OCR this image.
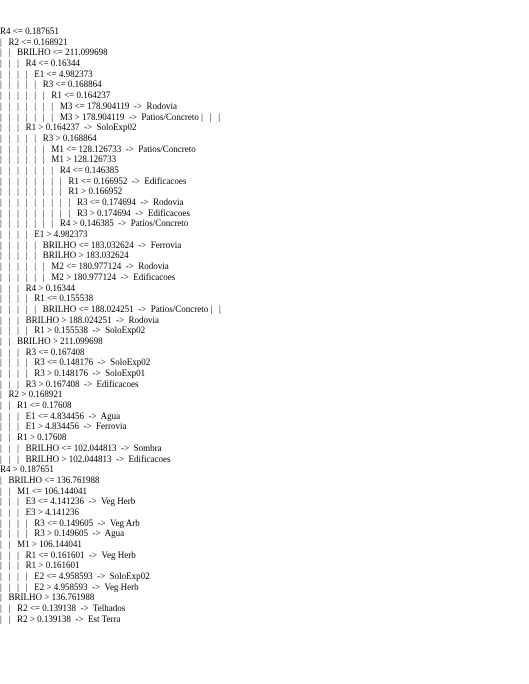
R4 <= 0.187651
|   R2 <= 0.168921
|   |   BRILHO <= 211.099698
|   |   |   R4 <= 0.16344
|   |   |   |   E1 <= 4.982373
|   |   |   |   |   R3 <= 0.168864
|   |   |   |   |   |   R1 <= 0.164237
|   |   |   |   |   |   |   M3 <= 178.904119  ->  Rodovia
|   |   |   |   |   |   |   M3 > 178.904119  ->  Patios/Concreto |   |   |
|   |   |   R1 > 0.164237  ->  SoloExp02
|   |   |   |   |   R3 > 0.168864
|   |   |   |   |   |   M1 <= 128.126733  ->  Patios/Concreto
|   |   |   |   |   |   M1 > 128.126733
|   |   |   |   |   |   |   R4 <= 0.146385
|   |   |   |   |   |   |   |   R1 <= 0.166952  ->  Edificacoes
|   |   |   |   |   |   |   |   R1 > 0.166952
|   |   |   |   |   |   |   |   |   R3 <= 0.174694  ->  Rodovia
|   |   |   |   |   |   |   |   |   R3 > 0.174694  ->  Edificacoes
|   |   |   |   |   |   |   R4 > 0.146385  ->  Patios/Concreto
|   |   |   |   E1 > 4.982373
|   |   |   |   |   BRILHO <= 183.032624  ->  Ferrovia
|   |   |   |   |   BRILHO > 183.032624
|   |   |   |   |   |   M2 <= 180.977124  ->  Rodovia
|   |   |   |   |   |   M2 > 180.977124  ->  Edificacoes
|   |   |   R4 > 0.16344
|   |   |   |   R1 <= 0.155538
|   |   |   |   |   BRILHO <= 188.024251  ->  Patios/Concreto |   |
|   |   |   BRILHO > 188.024251  ->  Rodovia
|   |   |   |   R1 > 0.155538  ->  SoloExp02
|   |   BRILHO > 211.099698
|   |   |   R3 <= 0.167408
|   |   |   |   R3 <= 0.148176  ->  SoloExp02
|   |   |   |   R3 > 0.148176  ->  SoloExp01
|   |   |   R3 > 0.167408  ->  Edificacoes
|   R2 > 0.168921
|   |   R1 <= 0.17608
|   |   |   E1 <= 4.834456  ->  Agua
|   |   |   E1 > 4.834456  ->  Ferrovia
|   |   R1 > 0.17608
|   |   |   BRILHO <= 102.044813  ->  Sombra
|   |   |   BRILHO > 102.044813  ->  Edificacoes
R4 > 0.187651
|   BRILHO <= 136.761988
|   |   M1 <= 106.144041
|   |   |   E3 <= 4.141236  ->  Veg Herb
|   |   |   E3 > 4.141236
|   |   |   |   R3 <= 0.149605  ->  Veg Arb
|   |   |   |   R3 > 0.149605  ->  Agua
|   |   M1 > 106.144041
|   |   |   R1 <= 0.161601  ->  Veg Herb
|   |   |   R1 > 0.161601
|   |   |   |   E2 <= 4.958593  ->  SoloExp02
|   |   |   |   E2 > 4.958593  ->  Veg Herb
|   BRILHO > 136.761988
|   |   R2 <= 0.139138  ->  Telhados
|   |   R2 > 0.139138  ->  Est Terra
